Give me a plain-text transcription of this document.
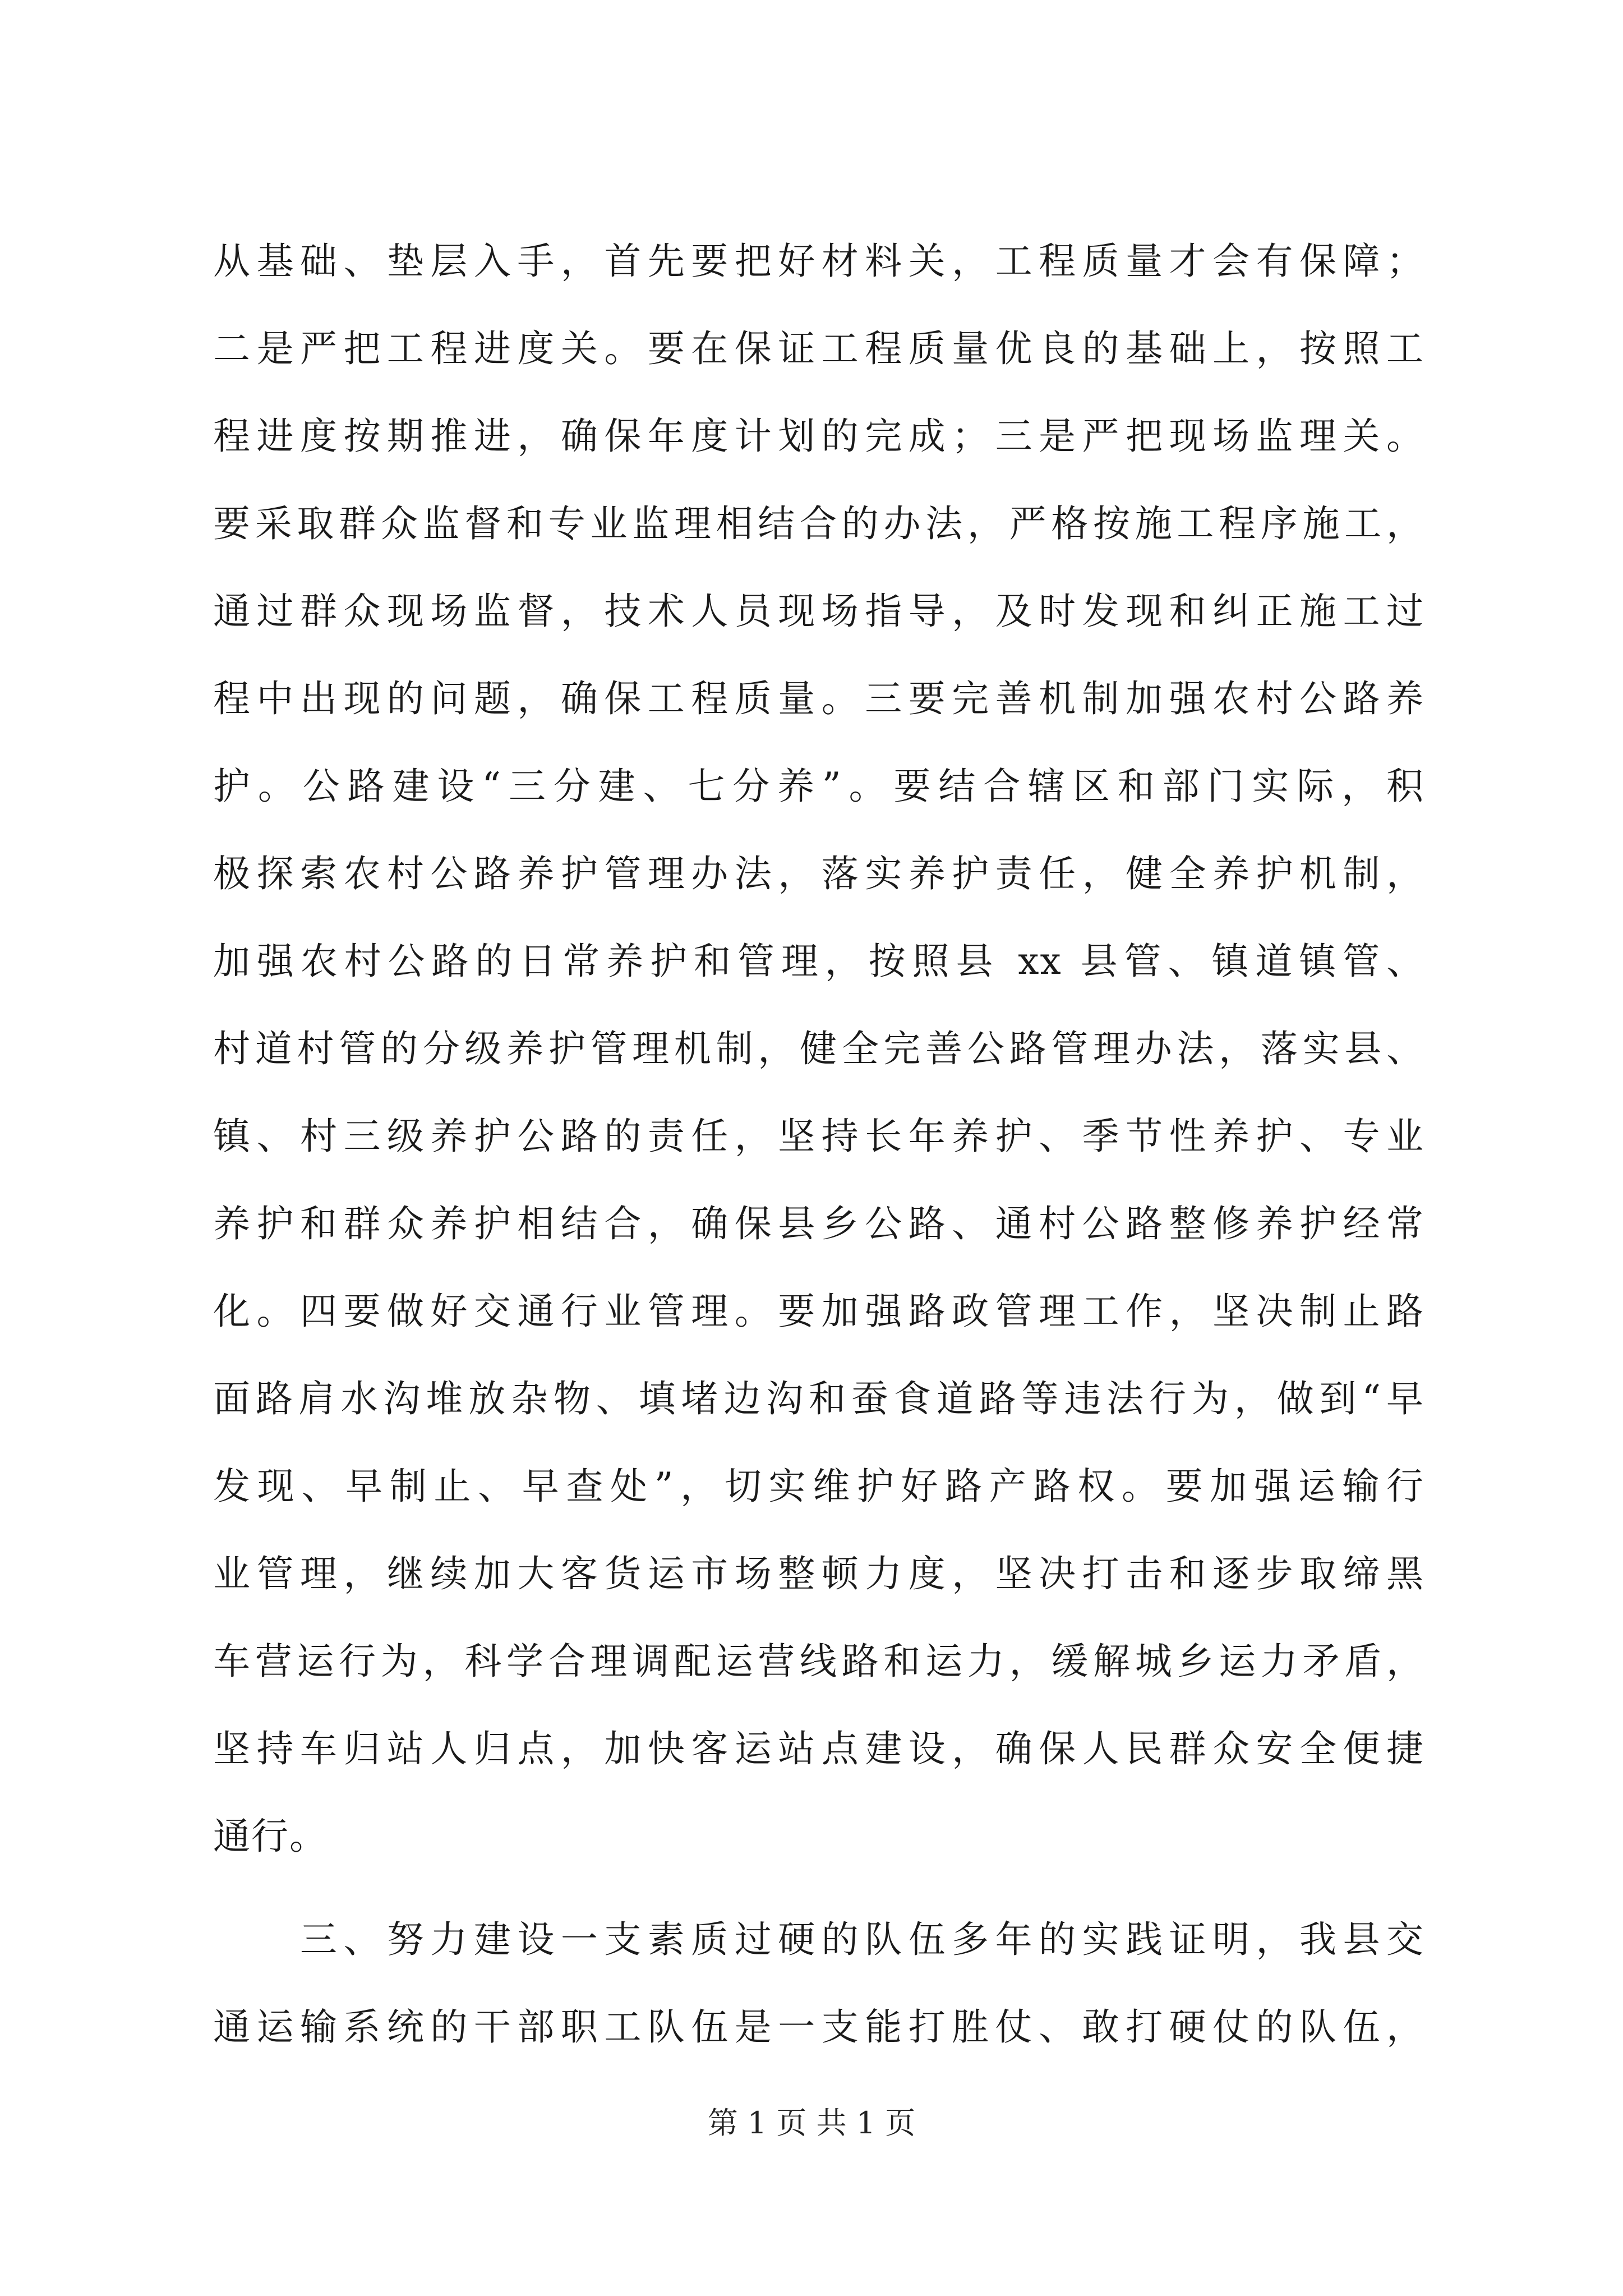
从基础、垫层入手，首先要把好材料关，工程质量才会有保障；
二是严把工程进度关。要在保证工程质量优良的基础上，按照工
程进度按期推进，确保年度计划的完成；三是严把现场监理关。
要采取群众监督和专业监理相结合的办法，严格按施工程序施工，
通过群众现场监督，技术人员现场指导，及时发现和纠正施工过
程中出现的问题，确保工程质量。三要完善机制加强农村公路养
护。公路建设“三分建、七分养”。要结合辖区和部门实际，积
极探索农村公路养护管理办法，落实养护责任，健全养护机制，
加强农村公路的日常养护和管理，按照县 xx 县管、镇道镇管、
村道村管的分级养护管理机制，健全完善公路管理办法，落实县、
镇、村三级养护公路的责任，坚持长年养护、季节性养护、专业
养护和群众养护相结合，确保县乡公路、通村公路整修养护经常
化。四要做好交通行业管理。要加强路政管理工作，坚决制止路
面路肩水沟堆放杂物、填堵边沟和蚕食道路等违法行为，做到“早
发现、早制止、早查处”，切实维护好路产路权。要加强运输行
业管理，继续加大客货运市场整顿力度，坚决打击和逐步取缔黑
车营运行为，科学合理调配运营线路和运力，缓解城乡运力矛盾，
坚持车归站人归点，加快客运站点建设，确保人民群众安全便捷
通行。
　　三、努力建设一支素质过硬的队伍多年的实践证明，我县交
通运输系统的干部职工队伍是一支能打胜仗、敢打硬仗的队伍，
第 1 页 共 1 页
